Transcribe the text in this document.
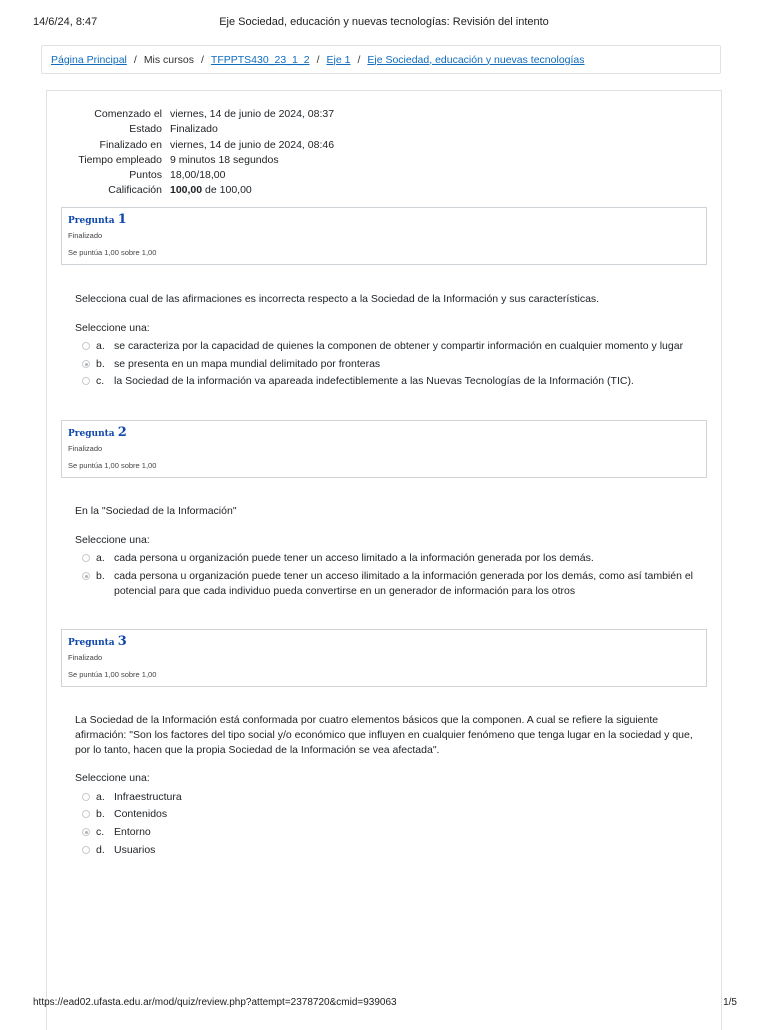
14/6/24, 8:47	Eje Sociedad, educación y nuevas tecnologías: Revisión del intento
Página Principal / Mis cursos / TFPPTS430_23_1_2 / Eje 1 / Eje Sociedad, educación y nuevas tecnologías
Comenzado el viernes, 14 de junio de 2024, 08:37
Estado Finalizado
Finalizado en viernes, 14 de junio de 2024, 08:46
Tiempo empleado 9 minutos 18 segundos
Puntos 18,00/18,00
Calificación 100,00 de 100,00
Pregunta 1
Finalizado
Se puntúa 1,00 sobre 1,00
Selecciona cual de las afirmaciones es incorrecta respecto a la Sociedad de la Información y sus características.
Seleccione una:
a. se caracteriza por la capacidad de quienes la componen de obtener y compartir información en cualquier momento y lugar
b. se presenta en un mapa mundial delimitado por fronteras
c. la Sociedad de la información va apareada indefectiblemente a las Nuevas Tecnologías de la Información (TIC).
Pregunta 2
Finalizado
Se puntúa 1,00 sobre 1,00
En la "Sociedad de la Información"
Seleccione una:
a. cada persona u organización puede tener un acceso limitado a la información generada por los demás.
b. cada persona u organización puede tener un acceso ilimitado a la información generada por los demás, como así también el potencial para que cada individuo pueda convertirse en un generador de información para los otros
Pregunta 3
Finalizado
Se puntúa 1,00 sobre 1,00
La Sociedad de la Información está conformada por cuatro elementos básicos que la componen. A cual se refiere la siguiente afirmación: "Son los factores del tipo social y/o económico que influyen en cualquier fenómeno que tenga lugar en la sociedad y que, por lo tanto, hacen que la propia Sociedad de la Información se vea afectada".
Seleccione una:
a. Infraestructura
b. Contenidos
c. Entorno
d. Usuarios
https://ead02.ufasta.edu.ar/mod/quiz/review.php?attempt=2378720&cmid=939063	1/5
